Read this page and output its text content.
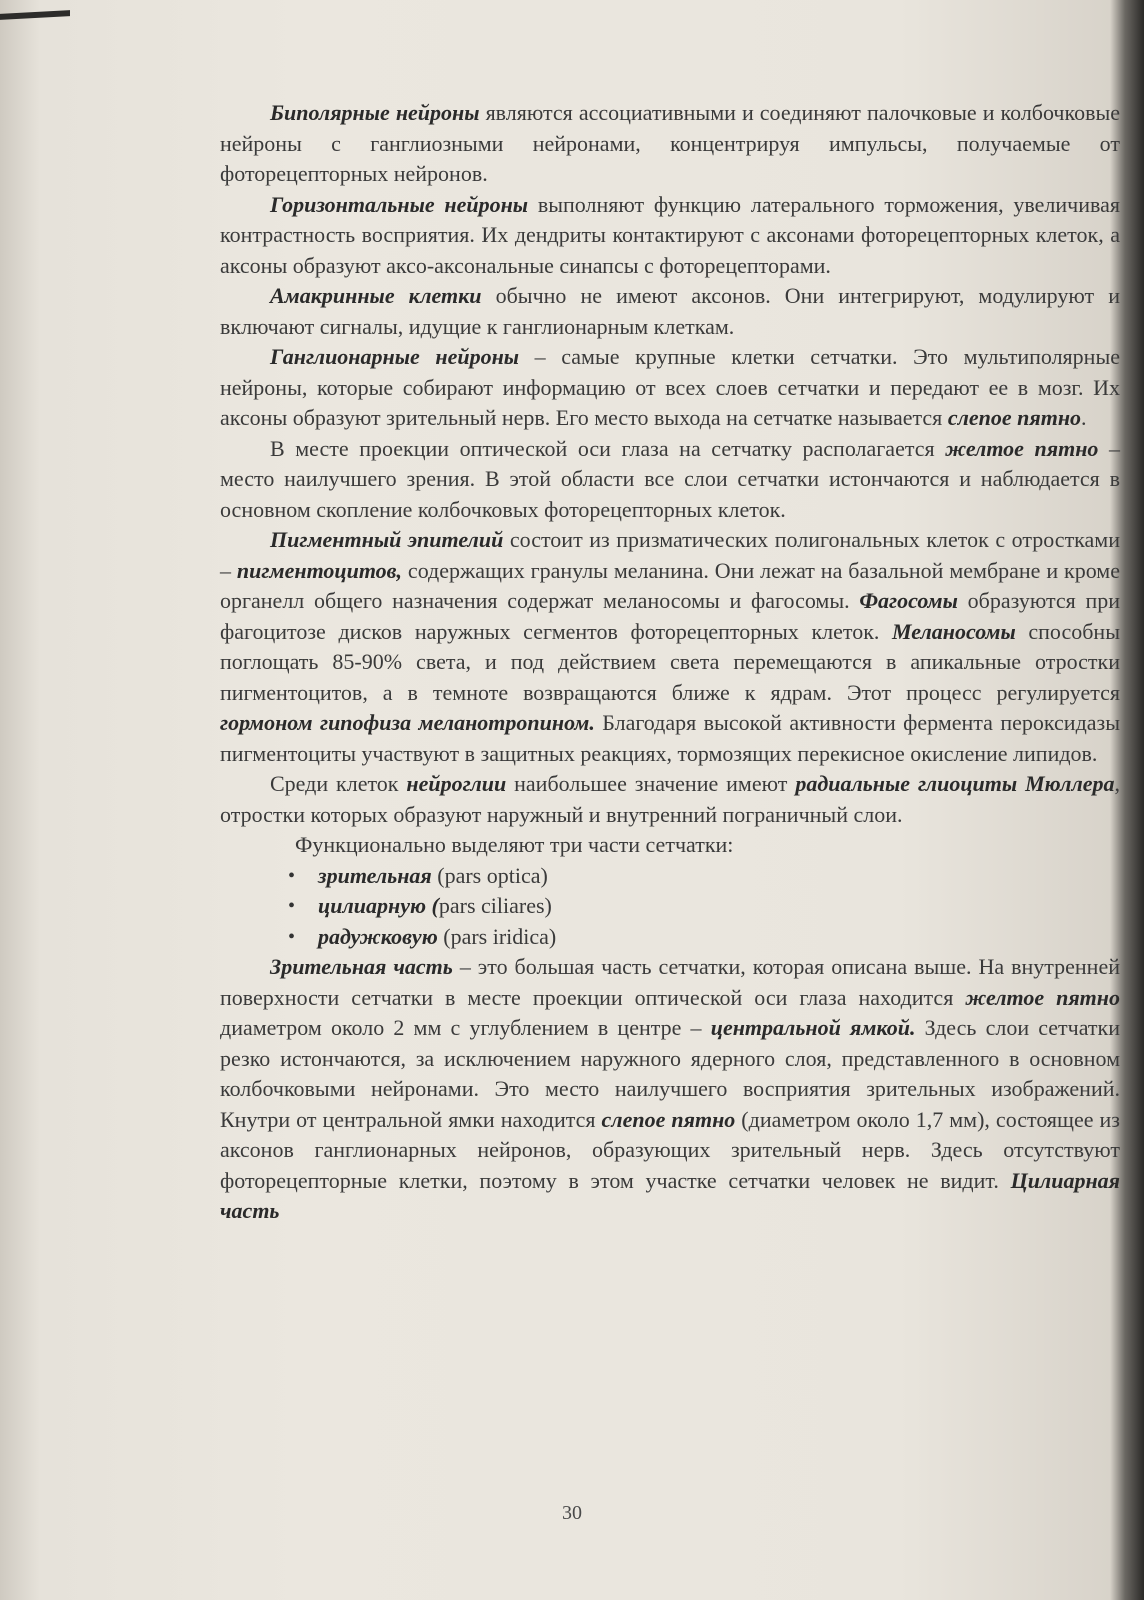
Биполярные нейроны являются ассоциативными и соединяют палочковые и колбочковые нейроны с ганглиозными нейронами, концентрируя импульсы, получаемые от фоторецепторных нейронов.

Горизонтальные нейроны выполняют функцию латерального торможения, увеличивая контрастность восприятия. Их дендриты контактируют с аксонами фоторецепторных клеток, а аксоны образуют аксо-аксональные синапсы с фоторецепторами.

Амакринные клетки обычно не имеют аксонов. Они интегрируют, модулируют и включают сигналы, идущие к ганглионарным клеткам.

Ганглионарные нейроны – самые крупные клетки сетчатки. Это мультиполярные нейроны, которые собирают информацию от всех слоев сетчатки и передают ее в мозг. Их аксоны образуют зрительный нерв. Его место выхода на сетчатке называется слепое пятно.

В месте проекции оптической оси глаза на сетчатку располагается желтое пятно – место наилучшего зрения. В этой области все слои сетчатки истончаются и наблюдается в основном скопление колбочковых фоторецепторных клеток.

Пигментный эпителий состоит из призматических полигональных клеток с отростками – пигментоцитов, содержащих гранулы меланина. Они лежат на базальной мембране и кроме органелл общего назначения содержат меланосомы и фагосомы. Фагосомы образуются при фагоцитозе дисков наружных сегментов фоторецепторных клеток. Меланосомы способны поглощать 85-90% света, и под действием света перемещаются в апикальные отростки пигментоцитов, а в темноте возвращаются ближе к ядрам. Этот процесс регулируется гормоном гипофиза меланотропином. Благодаря высокой активности фермента пероксидазы пигментоциты участвуют в защитных реакциях, тормозящих перекисное окисление липидов.

Среди клеток нейроглии наибольшее значение имеют радиальные глиоциты Мюллера, отростки которых образуют наружный и внутренний пограничный слои.

Функционально выделяют три части сетчатки:

• зрительная (pars optica)
• цилиарную (pars ciliares)
• радужковую (pars iridica)

Зрительная часть – это большая часть сетчатки, которая описана выше. На внутренней поверхности сетчатки в месте проекции оптической оси глаза находится желтое пятно диаметром около 2 мм с углублением в центре – центральной ямкой. Здесь слои сетчатки резко истончаются, за исключением наружного ядерного слоя, представленного в основном колбочковыми нейронами. Это место наилучшего восприятия зрительных изображений. Кнутри от центральной ямки находится слепое пятно (диаметром около 1,7 мм), состоящее из аксонов ганглионарных нейронов, образующих зрительный нерв. Здесь отсутствуют фоторецепторные клетки, поэтому в этом участке сетчатки человек не видит. Цилиарная часть

30
